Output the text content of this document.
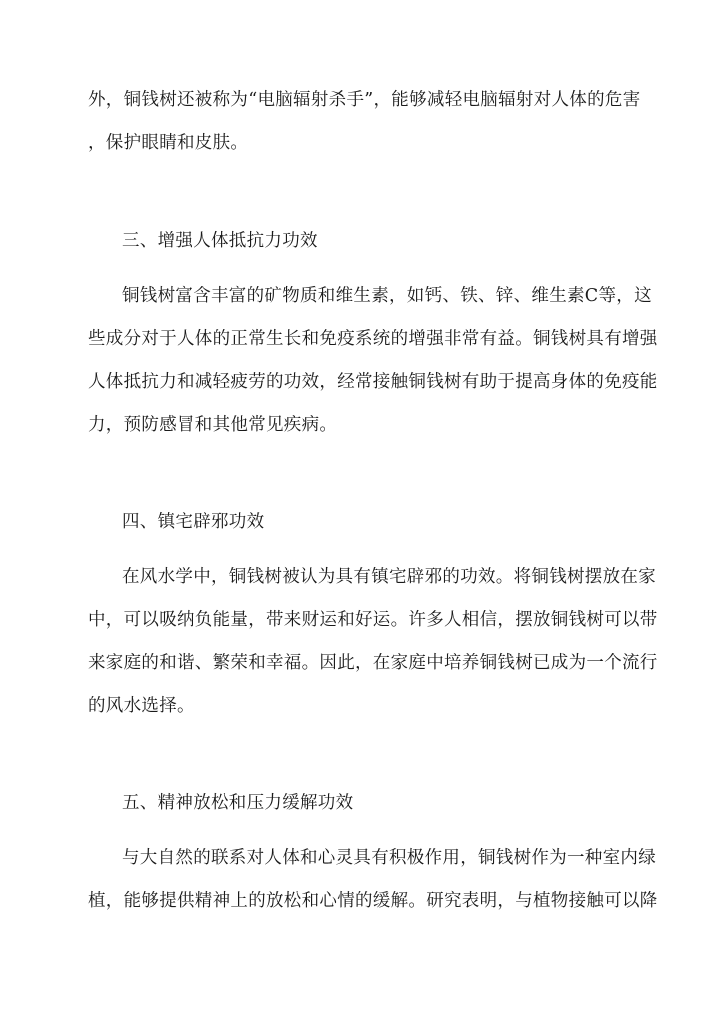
外，铜钱树还被称为“电脑辐射杀手”，能够减轻电脑辐射对人体的危害
，保护眼睛和皮肤。
三、增强人体抵抗力功效
铜钱树富含丰富的矿物质和维生素，如钙、铁、锌、维生素C等，这
些成分对于人体的正常生长和免疫系统的增强非常有益。铜钱树具有增强
人体抵抗力和减轻疲劳的功效，经常接触铜钱树有助于提高身体的免疫能
力，预防感冒和其他常见疾病。
四、镇宅辟邪功效
在风水学中，铜钱树被认为具有镇宅辟邪的功效。将铜钱树摆放在家
中，可以吸纳负能量，带来财运和好运。许多人相信，摆放铜钱树可以带
来家庭的和谐、繁荣和幸福。因此，在家庭中培养铜钱树已成为一个流行
的风水选择。
五、精神放松和压力缓解功效
与大自然的联系对人体和心灵具有积极作用，铜钱树作为一种室内绿
植，能够提供精神上的放松和心情的缓解。研究表明，与植物接触可以降
